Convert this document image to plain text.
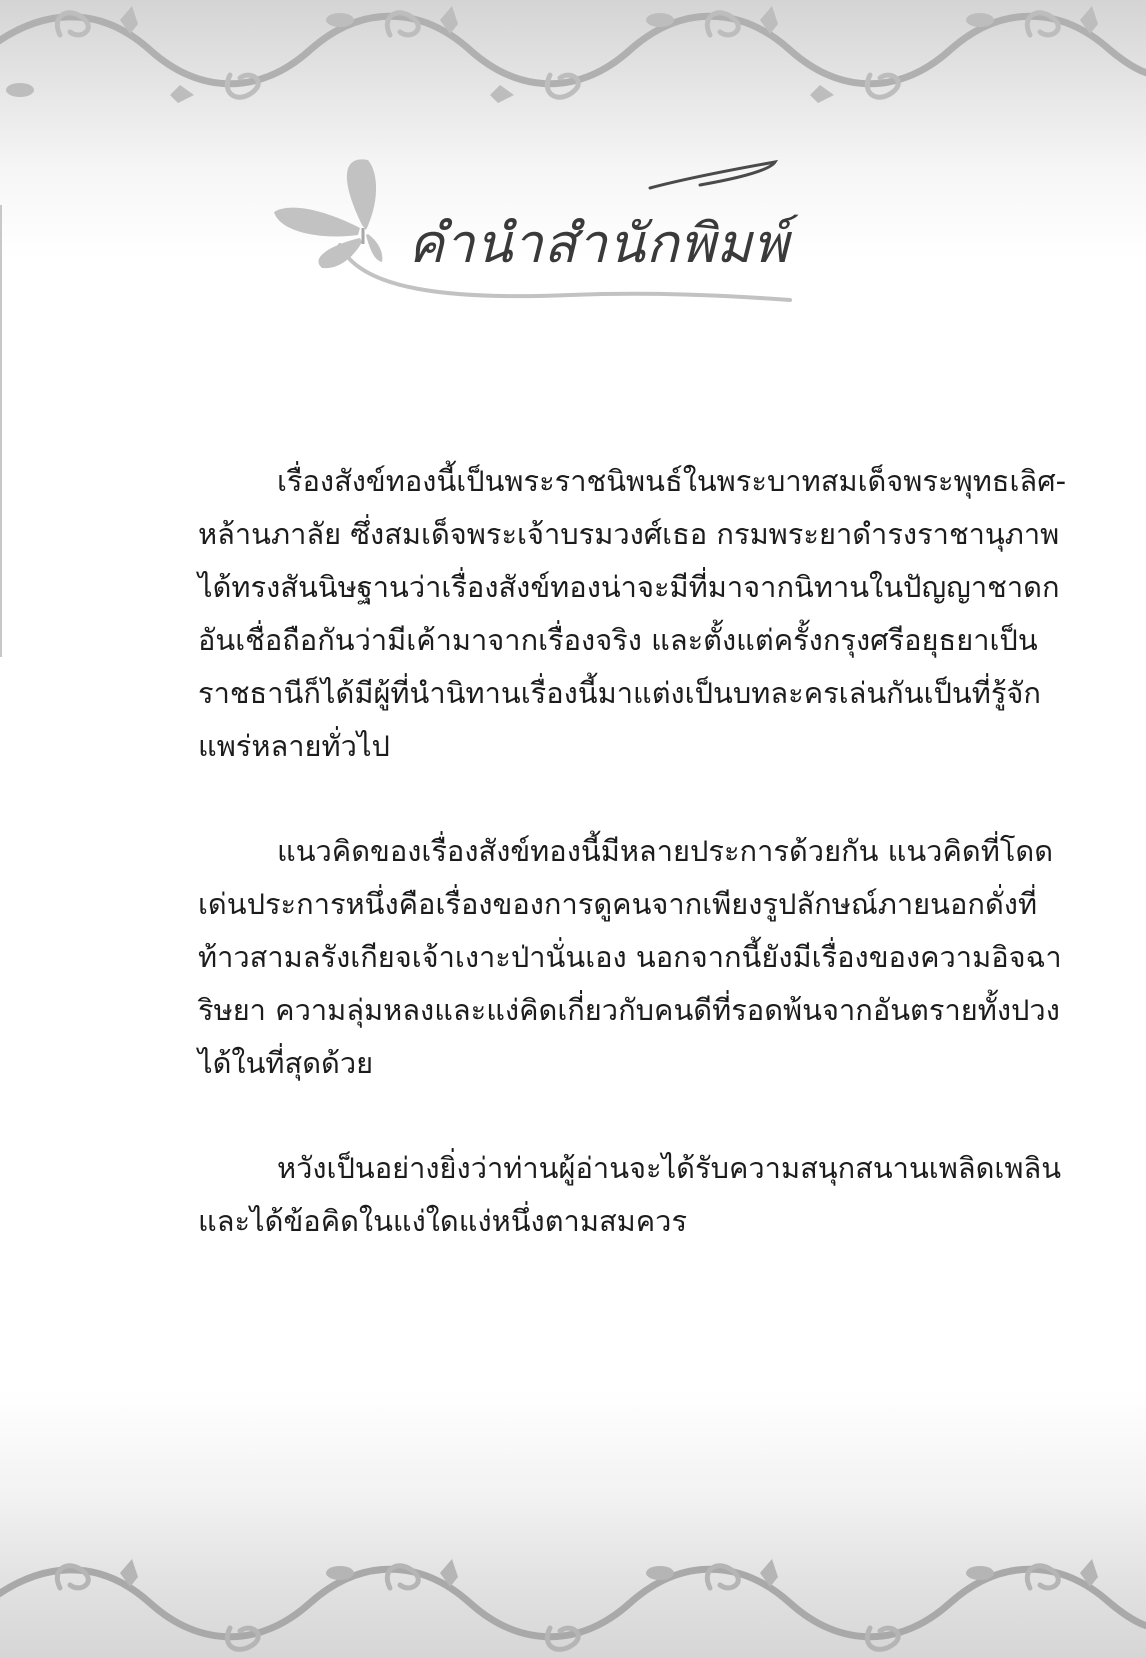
คำนำสำนักพิมพ์
เรื่องสังข์ทองนี้เป็นพระราชนิพนธ์ในพระบาทสมเด็จพระพุทธเลิศ-
หล้านภาลัย ซึ่งสมเด็จพระเจ้าบรมวงศ์เธอ กรมพระยาดำรงราชานุภาพ
ได้ทรงสันนิษฐานว่าเรื่องสังข์ทองน่าจะมีที่มาจากนิทานในปัญญาชาดก
อันเชื่อถือกันว่ามีเค้ามาจากเรื่องจริง และตั้งแต่ครั้งกรุงศรีอยุธยาเป็น
ราชธานีก็ได้มีผู้ที่นำนิทานเรื่องนี้มาแต่งเป็นบทละครเล่นกันเป็นที่รู้จัก
แพร่หลายทั่วไป
แนวคิดของเรื่องสังข์ทองนี้มีหลายประการด้วยกัน แนวคิดที่โดด
เด่นประการหนึ่งคือเรื่องของการดูคนจากเพียงรูปลักษณ์ภายนอกดั่งที่
ท้าวสามลรังเกียจเจ้าเงาะป่านั่นเอง นอกจากนี้ยังมีเรื่องของความอิจฉา
ริษยา ความลุ่มหลงและแง่คิดเกี่ยวกับคนดีที่รอดพ้นจากอันตรายทั้งปวง
ได้ในที่สุดด้วย
หวังเป็นอย่างยิ่งว่าท่านผู้อ่านจะได้รับความสนุกสนานเพลิดเพลิน
และได้ข้อคิดในแง่ใดแง่หนึ่งตามสมควร
